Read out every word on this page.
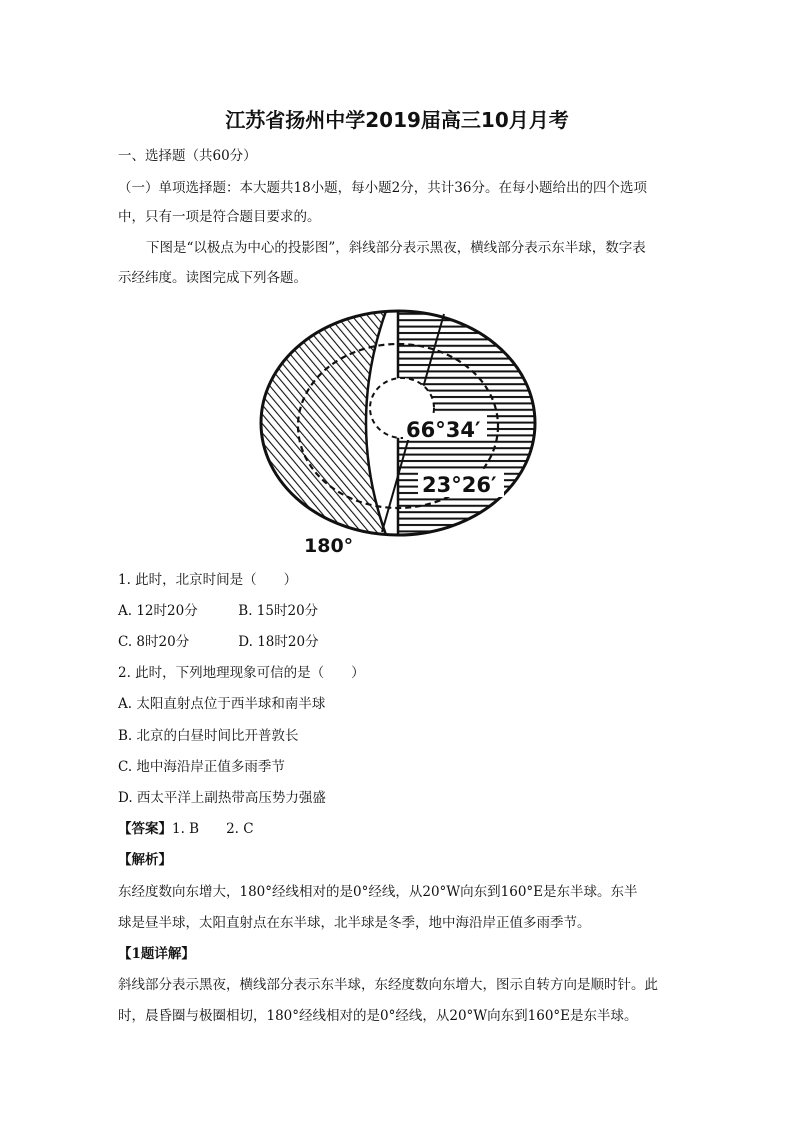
江苏省扬州中学2019届高三10月月考
一、选择题（共60分）
（一）单项选择题：本大题共18小题，每小题2分，共计36分。在每小题给出的四个选项
中，只有一项是符合题目要求的。
下图是“以极点为中心的投影图”，斜线部分表示黑夜，横线部分表示东半球，数字表
示经纬度。读图完成下列各题。
66°34′
23°26′
180°
1. 此时，北京时间是（　　）
A. 12时20分	B. 15时20分
C. 8时20分	D. 18时20分
2. 此时，下列地理现象可信的是（　　）
A. 太阳直射点位于西半球和南半球
B. 北京的白昼时间比开普敦长
C. 地中海沿岸正值多雨季节
D. 西太平洋上副热带高压势力强盛
【答案】1. B　　2. C
【解析】
东经度数向东增大，180°经线相对的是0°经线，从20°W向东到160°E是东半球。东半
球是昼半球，太阳直射点在东半球，北半球是冬季，地中海沿岸正值多雨季节。
【1题详解】
斜线部分表示黑夜，横线部分表示东半球，东经度数向东增大，图示自转方向是顺时针。此
时，晨昏圈与极圈相切，180°经线相对的是0°经线，从20°W向东到160°E是东半球。
